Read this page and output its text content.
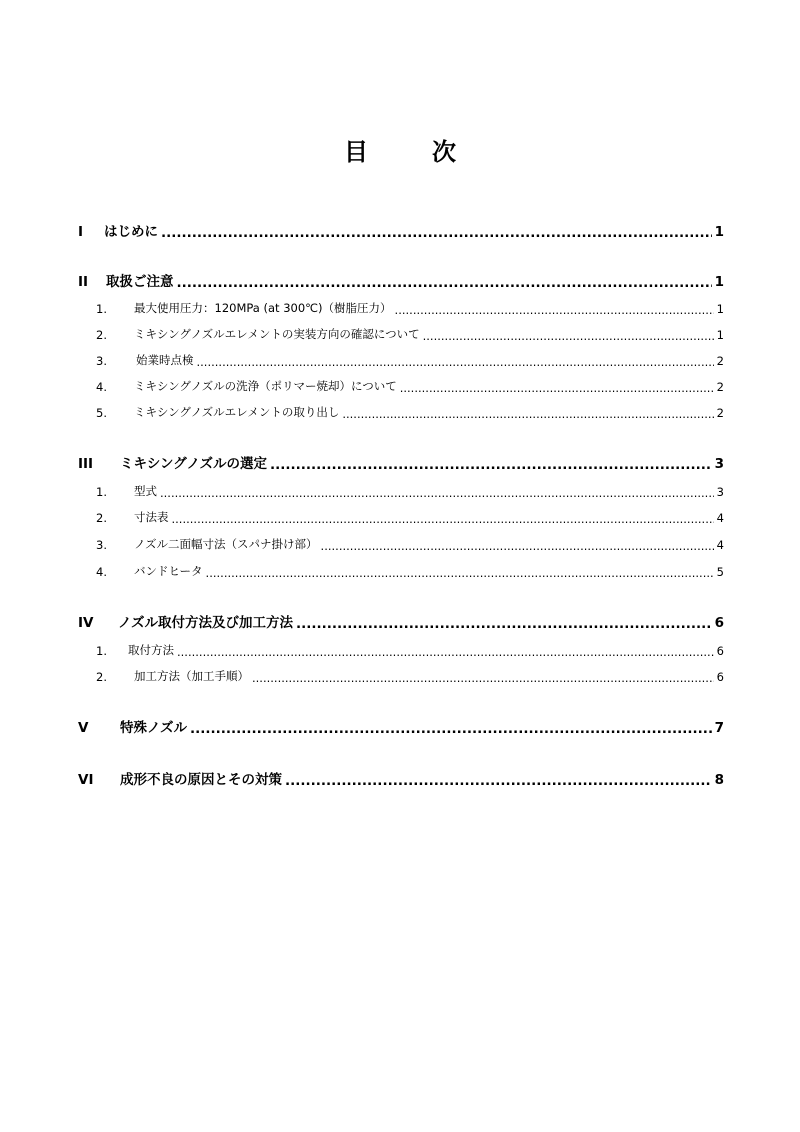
目　次
I	はじめに .....	1
II	取扱ご注意 .....	1
1.	最大使用圧力：120MPa (at 300℃)（樹脂圧力） .....	1
2.	ミキシングノズルエレメントの実装方向の確認について .....	1
3.	始業時点検 .....	2
4.	ミキシングノズルの洗浄（ポリマー焼却）について .....	2
5.	ミキシングノズルエレメントの取り出し .....	2
III	ミキシングノズルの選定 .....	3
1.	型式 .....	3
2.	寸法表 .....	4
3.	ノズル二面幅寸法（スパナ掛け部） .....	4
4.	バンドヒータ .....	5
IV	ノズル取付方法及び加工方法 .....	6
1.	取付方法 .....	6
2.	加工方法（加工手順） .....	6
V	特殊ノズル .....	7
VI	成形不良の原因とその対策 .....	8
